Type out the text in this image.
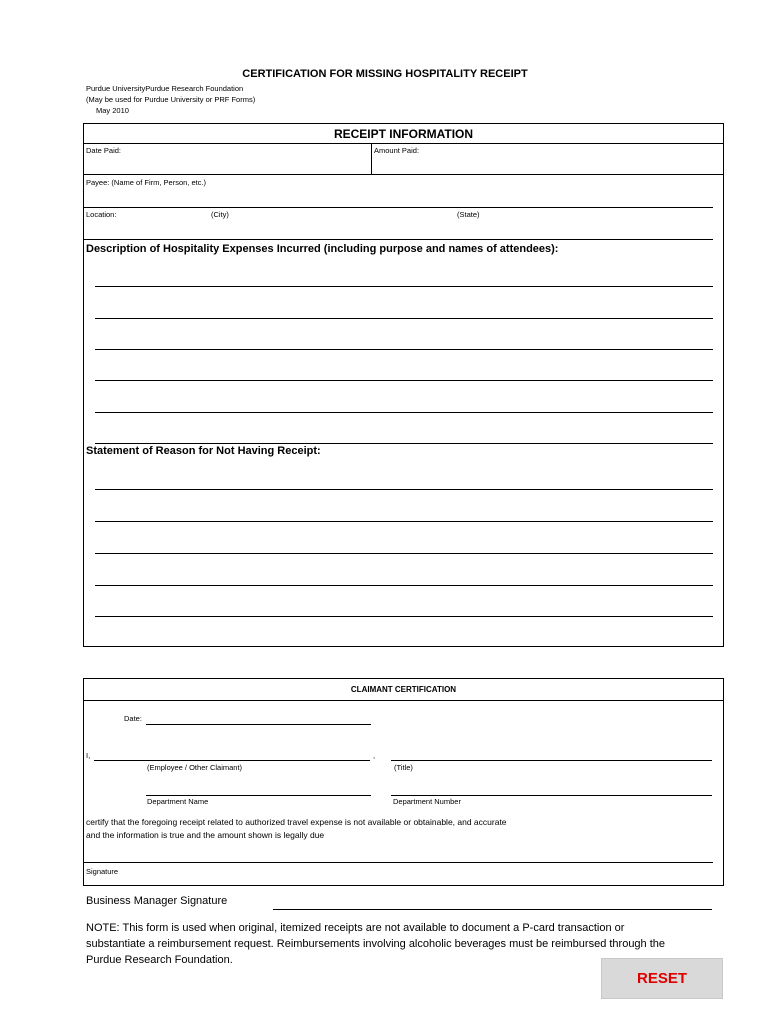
CERTIFICATION FOR MISSING HOSPITALITY RECEIPT
Purdue UniversityPurdue Research Foundation
(May be used for Purdue University or PRF Forms)
May 2010
RECEIPT INFORMATION
Date Paid:	Amount Paid:
Payee: (Name of Firm, Person, etc.)
Location:	(City)	(State)
Description of Hospitality Expenses Incurred (including purpose and names of attendees):
Statement of Reason for Not Having Receipt:
CLAIMANT CERTIFICATION
Date:
I,	,
(Employee / Other Claimant)	(Title)
Department Name	Department Number
certify that the foregoing receipt related to authorized travel expense is not available or obtainable, and accurate
and the information is true and the amount shown is legally due
Signature
Business Manager Signature
NOTE: This form is used when original, itemized receipts are not available to document a P-card transaction or substantiate a reimbursement request. Reimbursements involving alcoholic beverages must be reimbursed through the Purdue Research Foundation.
RESET
